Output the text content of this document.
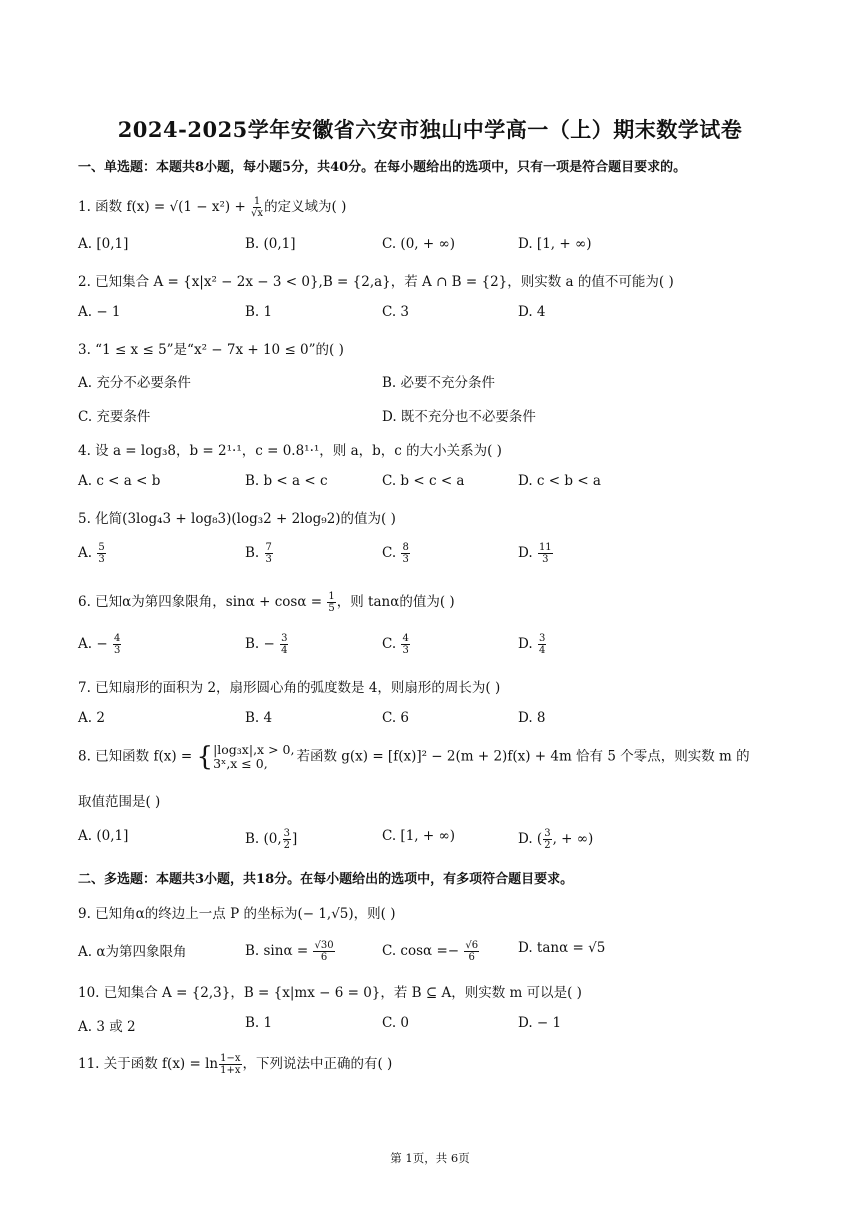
2024-2025学年安徽省六安市独山中学高一（上）期末数学试卷
一、单选题：本题共8小题，每小题5分，共40分。在每小题给出的选项中，只有一项是符合题目要求的。
1. 函数 $f(x) = √(1 - x^2) + \frac{1}{√x}$ 的定义域为( )
A. [0,1]	B. (0,1]	C. (0, + ∞)	D. [1, + ∞)
2. 已知集合 A = {x|x² − 2x − 3 < 0},B = {2,a}，若 A ∩ B = {2}，则实数 a 的值不可能为( )
A. − 1	B. 1	C. 3	D. 4
3. “1 ≤ x ≤ 5”是“x² − 7x + 10 ≤ 0”的( )
A. 充分不必要条件	B. 必要不充分条件
C. 充要条件	D. 既不充分也不必要条件
4. 设 a = log₃8，b = 2¹·¹，c = 0.8¹·¹，则 a，b，c 的大小关系为( )
A. c < a < b	B. b < a < c	C. b < c < a	D. c < b < a
5. 化简(3log₄3 + log₈3)(log₃2 + 2log₉2)的值为( )
A. $\frac{5}{3}$	B. $\frac{7}{3}$	C. $\frac{8}{3}$	D. $\frac{11}{3}$
6. 已知α为第四象限角，$\sin\alpha + \cos\alpha = \frac{1}{5}$ ，则 tanα的值为( )
A. − $\frac{4}{3}$	B. − $\frac{3}{4}$	C. $\frac{4}{3}$	D. $\frac{3}{4}$
7. 已知扇形的面积为 2，扇形圆心角的弧度数是 4，则扇形的周长为( )
A. 2	B. 4	C. 6	D. 8
8. 已知函数 f(x) = { |log₃x|,x > 0,
3ˣ,x ≤ 0,	若函数 g(x) = [f(x)]² − 2(m + 2)f(x) + 4m 恰有 5 个零点，则实数 m 的
取值范围是( )
A. (0,1]	B. (0, $\frac{3}{2}$ ]	C. [1, + ∞)	D. ( $\frac{3}{2}$ , + ∞)
二、多选题：本题共3小题，共18分。在每小题给出的选项中，有多项符合题目要求。
9. 已知角α的终边上一点 P 的坐标为(− 1,√5)，则( )
A. α为第四象限角	B. $\sin\alpha = \frac{√30}{6}$	C. $\cos\alpha =- \frac{√6}{6}$	D. tanα = √5
10. 已知集合 A = {2,3}，B = {x|mx − 6 = 0}，若 B ⊆ A，则实数 m 可以是( )
A. 3 或 2	B. 1	C. 0	D. − 1
11. 关于函数 $f(x) = \ln \frac{1-x}{1+x}$ ，下列说法中正确的有( )
第 1页，共 6页
